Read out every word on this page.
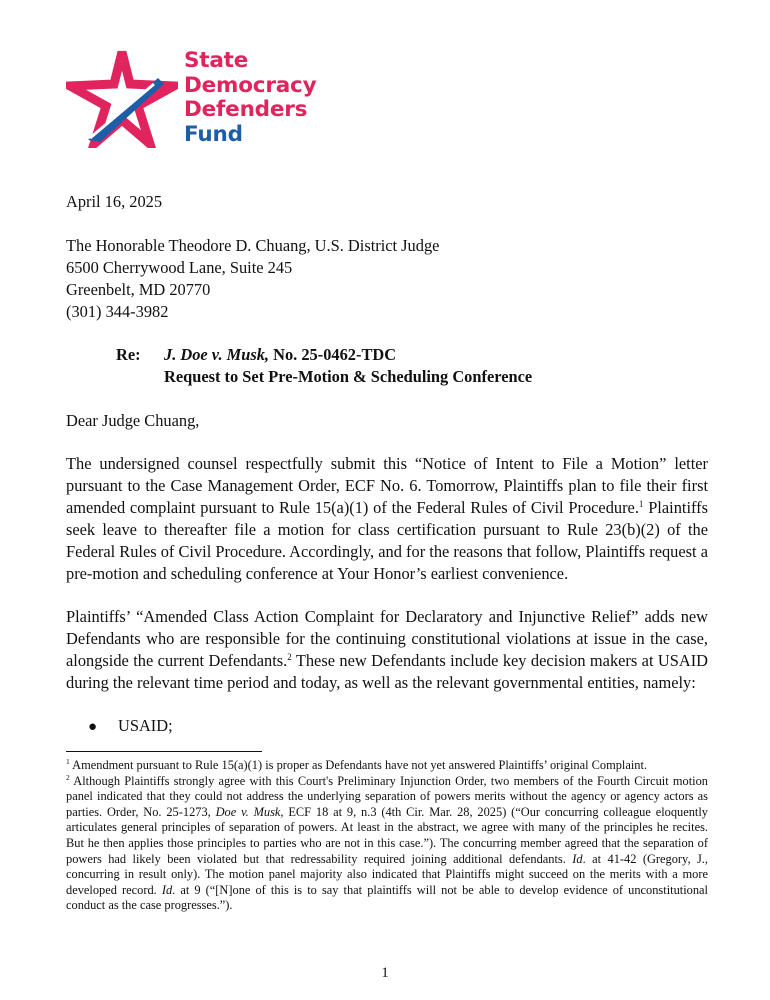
State
Democracy
Defenders
Fund
April 16, 2025
The Honorable Theodore D. Chuang, U.S. District Judge
6500 Cherrywood Lane, Suite 245
Greenbelt, MD 20770
(301) 344-3982
Re: J. Doe v. Musk, No. 25-0462-TDC
Request to Set Pre-Motion & Scheduling Conference
Dear Judge Chuang,
The undersigned counsel respectfully submit this “Notice of Intent to File a Motion” letter pursuant to the Case Management Order, ECF No. 6. Tomorrow, Plaintiffs plan to file their first amended complaint pursuant to Rule 15(a)(1) of the Federal Rules of Civil Procedure.$^1$ Plaintiffs seek leave to thereafter file a motion for class certification pursuant to Rule 23(b)(2) of the Federal Rules of Civil Procedure. Accordingly, and for the reasons that follow, Plaintiffs request a pre-motion and scheduling conference at Your Honor’s earliest convenience.
Plaintiffs’ “Amended Class Action Complaint for Declaratory and Injunctive Relief” adds new Defendants who are responsible for the continuing constitutional violations at issue in the case, alongside the current Defendants.$^2$ These new Defendants include key decision makers at USAID during the relevant time period and today, as well as the relevant governmental entities, namely:
● USAID;

$^1$ Amendment pursuant to Rule 15(a)(1) is proper as Defendants have not yet answered Plaintiffs’ original Complaint.

$^2$ Although Plaintiffs strongly agree with this Court's Preliminary Injunction Order, two members of the Fourth Circuit motion panel indicated that they could not address the underlying separation of powers merits without the agency or agency actors as parties. Order, No. 25-1273, Doe v. Musk, ECF 18 at 9, n.3 (4th Cir. Mar. 28, 2025) (“Our concurring colleague eloquently articulates general principles of separation of powers. At least in the abstract, we agree with many of the principles he recites. But he then applies those principles to parties who are not in this case.”). The concurring member agreed that the separation of powers had likely been violated but that redressability required joining additional defendants. Id. at 41-42 (Gregory, J., concurring in result only). The motion panel majority also indicated that Plaintiffs might succeed on the merits with a more developed record. Id. at 9 (“[N]one of this is to say that plaintiffs will not be able to develop evidence of unconstitutional conduct as the case progresses.”).

1
